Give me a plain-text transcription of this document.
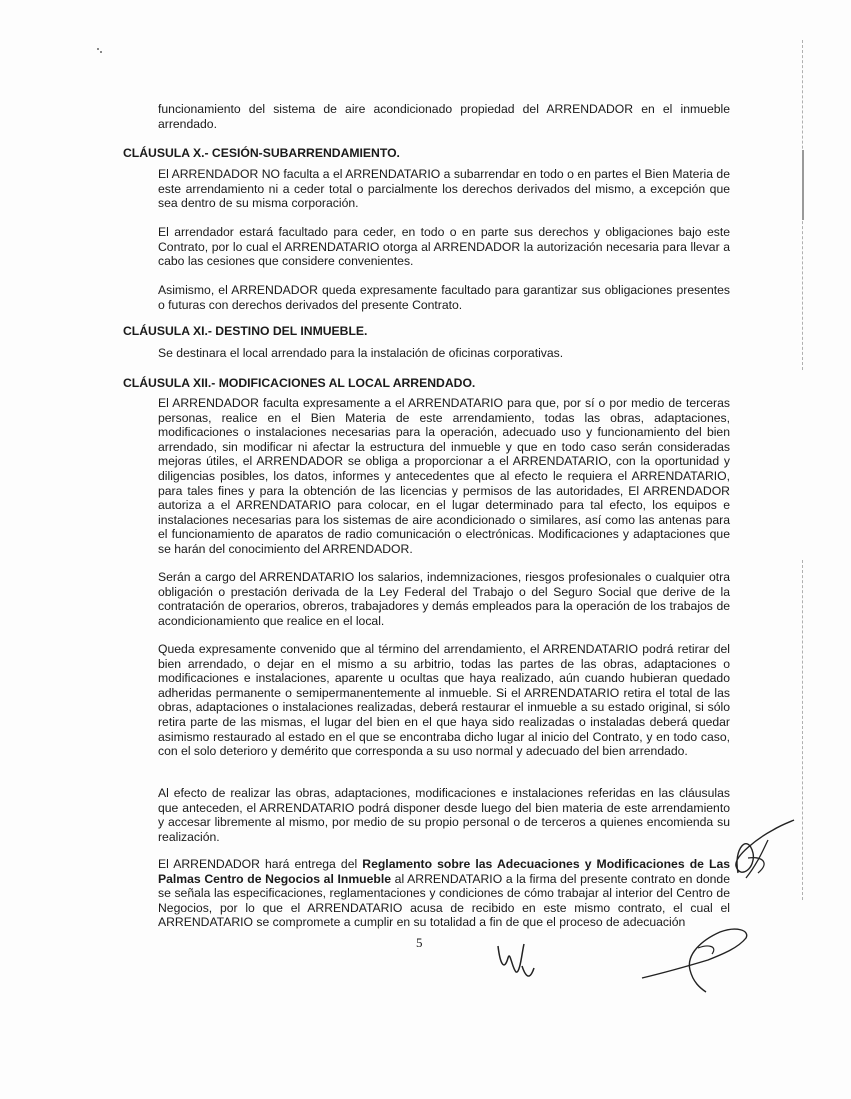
funcionamiento del sistema de aire acondicionado propiedad del ARRENDADOR en el inmueble arrendado.

CLÁUSULA X.- CESIÓN-SUBARRENDAMIENTO.

El ARRENDADOR NO faculta a el ARRENDATARIO a subarrendar en todo o en partes el Bien Materia de este arrendamiento ni a ceder total o parcialmente los derechos derivados del mismo, a excepción que sea dentro de su misma corporación.

El arrendador estará facultado para ceder, en todo o en parte sus derechos y obligaciones bajo este Contrato, por lo cual el ARRENDATARIO otorga al ARRENDADOR la autorización necesaria para llevar a cabo las cesiones que considere convenientes.

Asimismo, el ARRENDADOR queda expresamente facultado para garantizar sus obligaciones presentes o futuras con derechos derivados del presente Contrato.

CLÁUSULA XI.- DESTINO DEL INMUEBLE.

Se destinara el local arrendado para la instalación de oficinas corporativas.

CLÁUSULA XII.- MODIFICACIONES AL LOCAL ARRENDADO.

El ARRENDADOR faculta expresamente a el ARRENDATARIO para que, por sí o por medio de terceras personas, realice en el Bien Materia de este arrendamiento, todas las obras, adaptaciones, modificaciones o instalaciones necesarias para la operación, adecuado uso y funcionamiento del bien arrendado, sin modificar ni afectar la estructura del inmueble y que en todo caso serán consideradas mejoras útiles, el ARRENDADOR se obliga a proporcionar a el ARRENDATARIO, con la oportunidad y diligencias posibles, los datos, informes y antecedentes que al efecto le requiera el ARRENDATARIO, para tales fines y para la obtención de las licencias y permisos de las autoridades, El ARRENDADOR autoriza a el ARRENDATARIO para colocar, en el lugar determinado para tal efecto, los equipos e instalaciones necesarias para los sistemas de aire acondicionado o similares, así como las antenas para el funcionamiento de aparatos de radio comunicación o electrónicas. Modificaciones y adaptaciones que se harán del conocimiento del ARRENDADOR.

Serán a cargo del ARRENDATARIO los salarios, indemnizaciones, riesgos profesionales o cualquier otra obligación o prestación derivada de la Ley Federal del Trabajo o del Seguro Social que derive de la contratación de operarios, obreros, trabajadores y demás empleados para la operación de los trabajos de acondicionamiento que realice en el local.

Queda expresamente convenido que al término del arrendamiento, el ARRENDATARIO podrá retirar del bien arrendado, o dejar en el mismo a su arbitrio, todas las partes de las obras, adaptaciones o modificaciones e instalaciones, aparente u ocultas que haya realizado, aún cuando hubieran quedado adheridas permanente o semipermanentemente al inmueble. Si el ARRENDATARIO retira el total de las obras, adaptaciones o instalaciones realizadas, deberá restaurar el inmueble a su estado original, si sólo retira parte de las mismas, el lugar del bien en el que haya sido realizadas o instaladas deberá quedar asimismo restaurado al estado en el que se encontraba dicho lugar al inicio del Contrato, y en todo caso, con el solo deterioro y demérito que corresponda a su uso normal y adecuado del bien arrendado.

Al efecto de realizar las obras, adaptaciones, modificaciones e instalaciones referidas en las cláusulas que anteceden, el ARRENDATARIO podrá disponer desde luego del bien materia de este arrendamiento y accesar libremente al mismo, por medio de su propio personal o de terceros a quienes encomienda su realización.

El ARRENDADOR hará entrega del Reglamento sobre las Adecuaciones y Modificaciones de Las Palmas Centro de Negocios al Inmueble al ARRENDATARIO a la firma del presente contrato en donde se señala las especificaciones, reglamentaciones y condiciones de cómo trabajar al interior del Centro de Negocios, por lo que el ARRENDATARIO acusa de recibido en este mismo contrato, el cual el ARRENDATARIO se compromete a cumplir en su totalidad a fin de que el proceso de adecuación

5
